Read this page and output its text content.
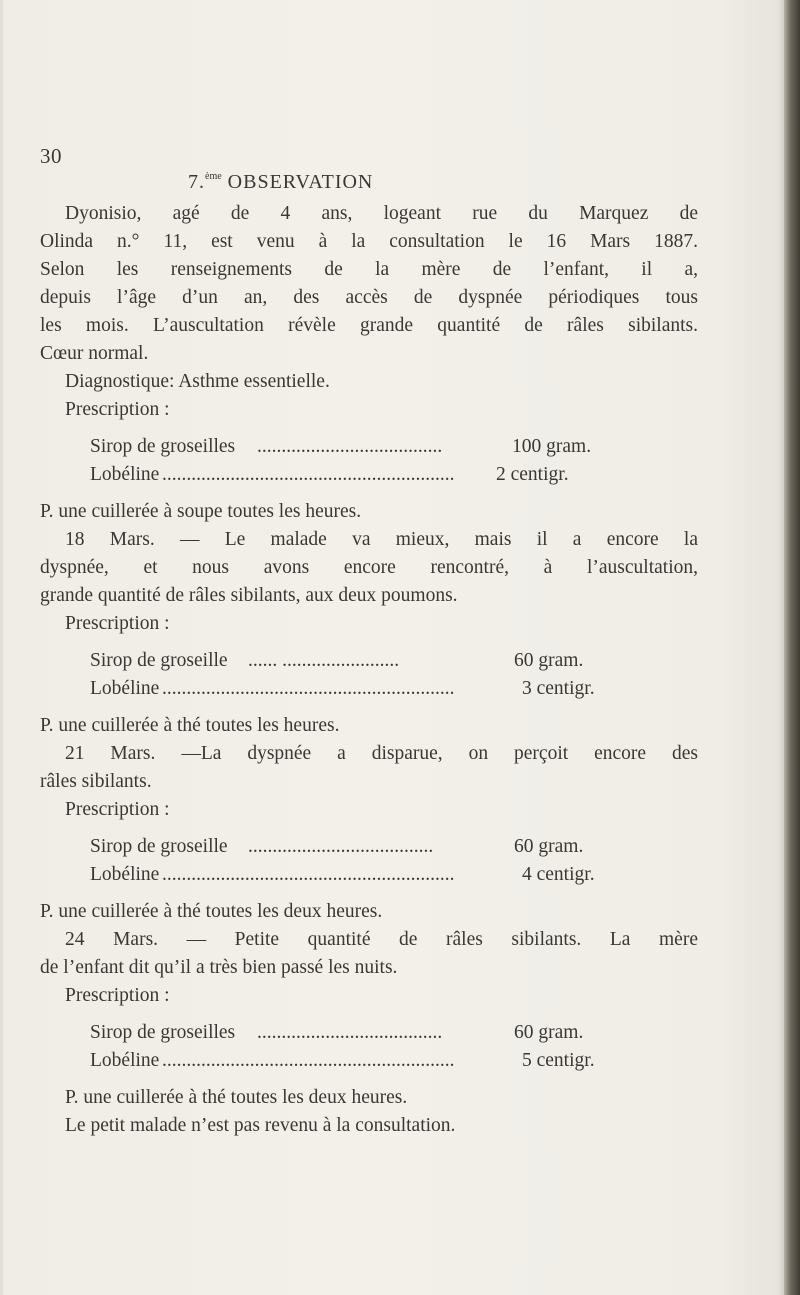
30
7.$^{ème}$ OBSERVATION
Dyonisio, agé de 4 ans, logeant rue du Marquez de
Olinda n.° 11, est venu à la consultation le 16 Mars 1887.
Selon les renseignements de la mère de l’enfant, il a,
depuis l’âge d’un an, des accès de dyspnée périodiques tous
les mois. L’auscultation révèle grande quantité de râles sibilants.
Cœur normal.
Diagnostique: Asthme essentielle.
Prescription :
Sirop de groseilles ......................................	100 gram.
Lobéline ............................................................	2 centigr.
P. une cuillerée à soupe toutes les heures.
18 Mars. — Le malade va mieux, mais il a encore la
dyspnée, et nous avons encore rencontré, à l’auscultation,
grande quantité de râles sibilants, aux deux poumons.
Prescription :
Sirop de groseille ...... ........................	60 gram.
Lobéline ............................................................	3 centigr.
P. une cuillerée à thé toutes les heures.
21 Mars. —La dyspnée a disparue, on perçoit encore des
râles sibilants.
Prescription :
Sirop de groseille ......................................	60 gram.
Lobéline ............................................................	4 centigr.
P. une cuillerée à thé toutes les deux heures.
24 Mars. — Petite quantité de râles sibilants. La mère
de l’enfant dit qu’il a très bien passé les nuits.
Prescription :
Sirop de groseilles ......................................	60 gram.
Lobéline ............................................................	5 centigr.
P. une cuillerée à thé toutes les deux heures.
Le petit malade n’est pas revenu à la consultation.
